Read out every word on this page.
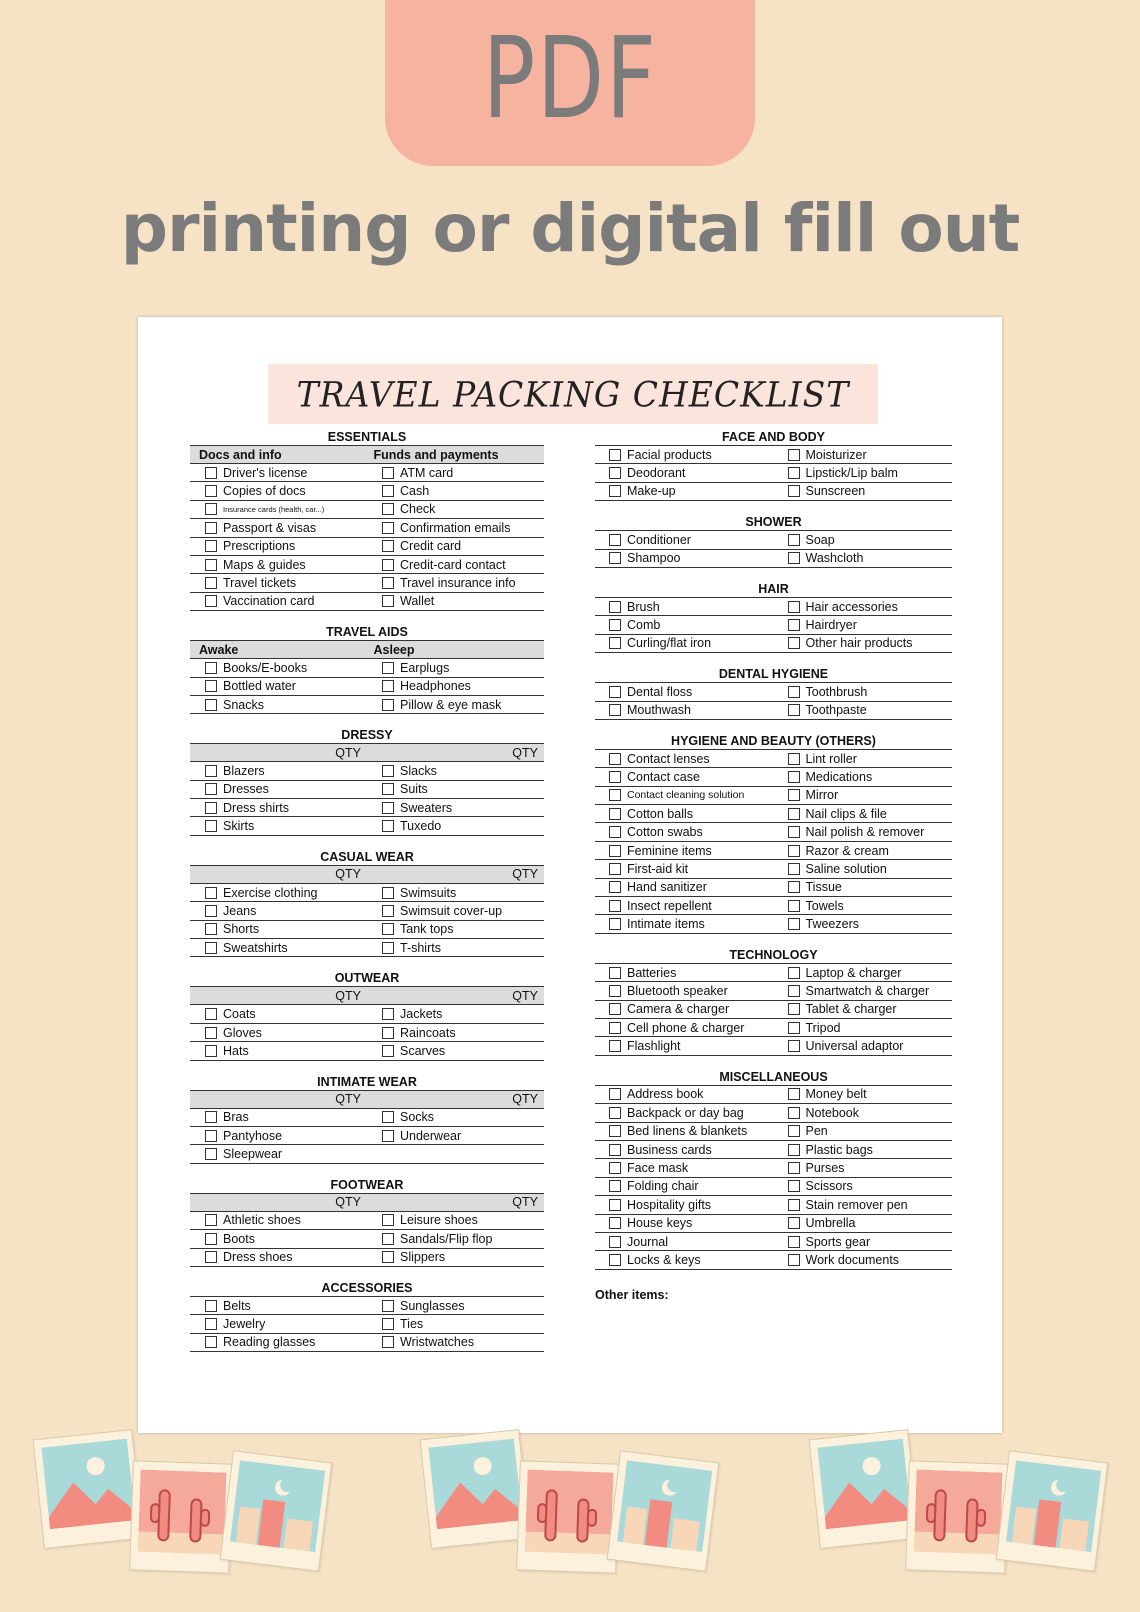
PDF
printing or digital fill out
TRAVEL PACKING CHECKLIST
ESSENTIALS
Docs and info	Funds and payments
Driver's license	ATM card
Copies of docs	Cash
Insurance cards (health, car...)	Check
Passport & visas	Confirmation emails
Prescriptions	Credit card
Maps & guides	Credit-card contact
Travel tickets	Travel insurance info
Vaccination card	Wallet
TRAVEL AIDS
Awake	Asleep
Books/E-books	Earplugs
Bottled water	Headphones
Snacks	Pillow & eye mask
DRESSY
QTY	QTY
Blazers	Slacks
Dresses	Suits
Dress shirts	Sweaters
Skirts	Tuxedo
CASUAL WEAR
QTY	QTY
Exercise clothing	Swimsuits
Jeans	Swimsuit cover-up
Shorts	Tank tops
Sweatshirts	T-shirts
OUTWEAR
QTY	QTY
Coats	Jackets
Gloves	Raincoats
Hats	Scarves
INTIMATE WEAR
QTY	QTY
Bras	Socks
Pantyhose	Underwear
Sleepwear
FOOTWEAR
QTY	QTY
Athletic shoes	Leisure shoes
Boots	Sandals/Flip flop
Dress shoes	Slippers
ACCESSORIES
Belts	Sunglasses
Jewelry	Ties
Reading glasses	Wristwatches
FACE AND BODY
Facial products	Moisturizer
Deodorant	Lipstick/Lip balm
Make-up	Sunscreen
SHOWER
Conditioner	Soap
Shampoo	Washcloth
HAIR
Brush	Hair accessories
Comb	Hairdryer
Curling/flat iron	Other hair products
DENTAL HYGIENE
Dental floss	Toothbrush
Mouthwash	Toothpaste
HYGIENE AND BEAUTY (OTHERS)
Contact lenses	Lint roller
Contact case	Medications
Contact cleaning solution	Mirror
Cotton balls	Nail clips & file
Cotton swabs	Nail polish & remover
Feminine items	Razor & cream
First-aid kit	Saline solution
Hand sanitizer	Tissue
Insect repellent	Towels
Intimate items	Tweezers
TECHNOLOGY
Batteries	Laptop & charger
Bluetooth speaker	Smartwatch & charger
Camera & charger	Tablet & charger
Cell phone & charger	Tripod
Flashlight	Universal adaptor
MISCELLANEOUS
Address book	Money belt
Backpack or day bag	Notebook
Bed linens & blankets	Pen
Business cards	Plastic bags
Face mask	Purses
Folding chair	Scissors
Hospitality gifts	Stain remover pen
House keys	Umbrella
Journal	Sports gear
Locks & keys	Work documents
Other items:
